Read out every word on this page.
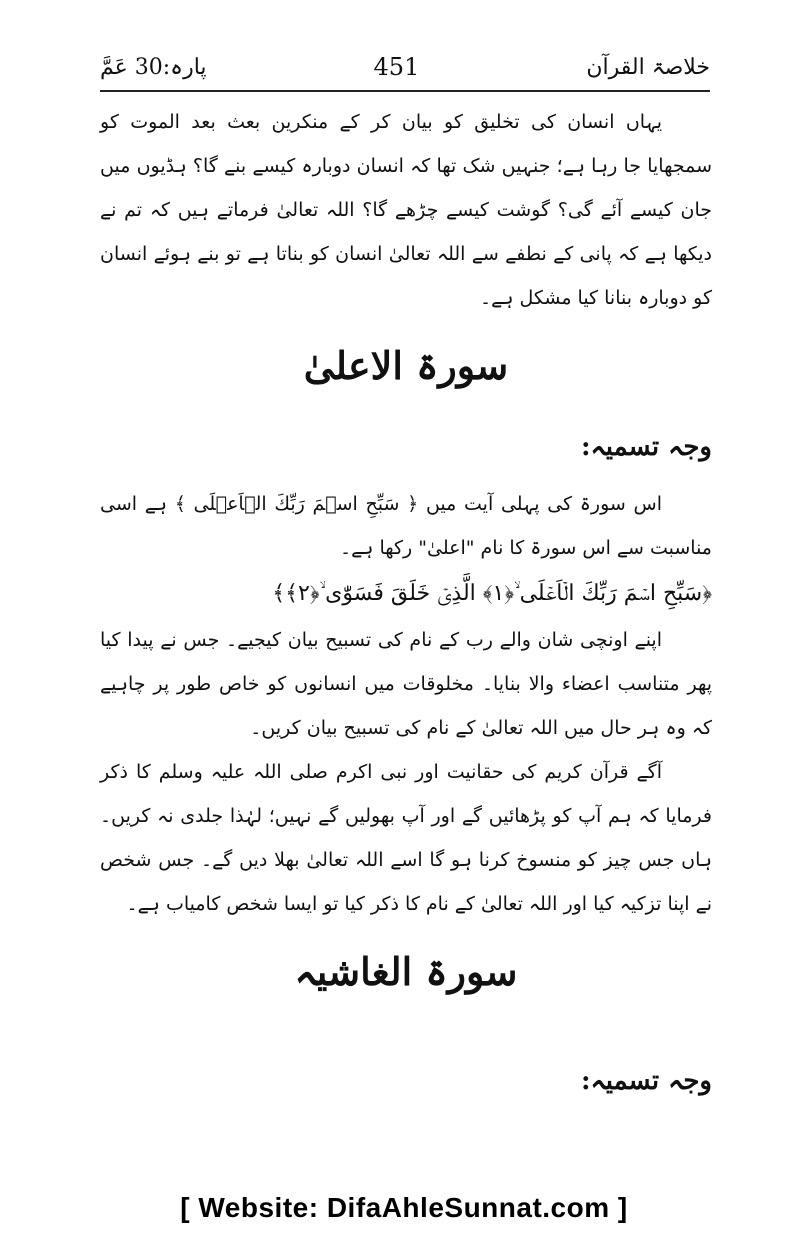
خلاصۃ القرآن
451
پارہ:30 عَمَّ

یہاں انسان کی تخلیق کو بیان کر کے منکرین بعث بعد الموت کو سمجھایا جا رہا ہے؛ جنہیں شک تھا کہ انسان دوبارہ کیسے بنے گا؟ ہڈیوں میں جان کیسے آئے گی؟ گوشت کیسے چڑھے گا؟ اللہ تعالیٰ فرماتے ہیں کہ تم نے دیکھا ہے کہ پانی کے نطفے سے اللہ تعالیٰ انسان کو بناتا ہے تو بنے ہوئے انسان کو دوبارہ بنانا کیا مشکل ہے۔

سورۃ الاعلیٰ
وجہ تسمیہ:

اس سورۃ کی پہلی آیت میں ﴿ سَبِّحِ اسۡمَ رَبِّكَ الۡاَعۡلَى ﴾ ہے اسی مناسبت سے اس سورۃ کا نام "اعلیٰ" رکھا ہے۔

﴿سَبِّحِ اسۡمَ رَبِّكَ الۡاَعۡلَى ۙ﴿۱﴾ الَّذِىۡ خَلَقَ فَسَوّٰى ۙ﴿۲﴾﴾

اپنے اونچی شان والے رب کے نام کی تسبیح بیان کیجیے۔ جس نے پیدا کیا پھر متناسب اعضاء والا بنایا۔ مخلوقات میں انسانوں کو خاص طور پر چاہیے کہ وہ ہر حال میں اللہ تعالیٰ کے نام کی تسبیح بیان کریں۔

آگے قرآن کریم کی حقانیت اور نبی اکرم صلی اللہ علیہ وسلم کا ذکر فرمایا کہ ہم آپ کو پڑھائیں گے اور آپ بھولیں گے نہیں؛ لہٰذا جلدی نہ کریں۔ ہاں جس چیز کو منسوخ کرنا ہو گا اسے اللہ تعالیٰ بھلا دیں گے۔ جس شخص نے اپنا تزکیہ کیا اور اللہ تعالیٰ کے نام کا ذکر کیا تو ایسا شخص کامیاب ہے۔

سورۃ الغاشیہ
وجہ تسمیہ:
[ Website: DifaAhleSunnat.com ]
